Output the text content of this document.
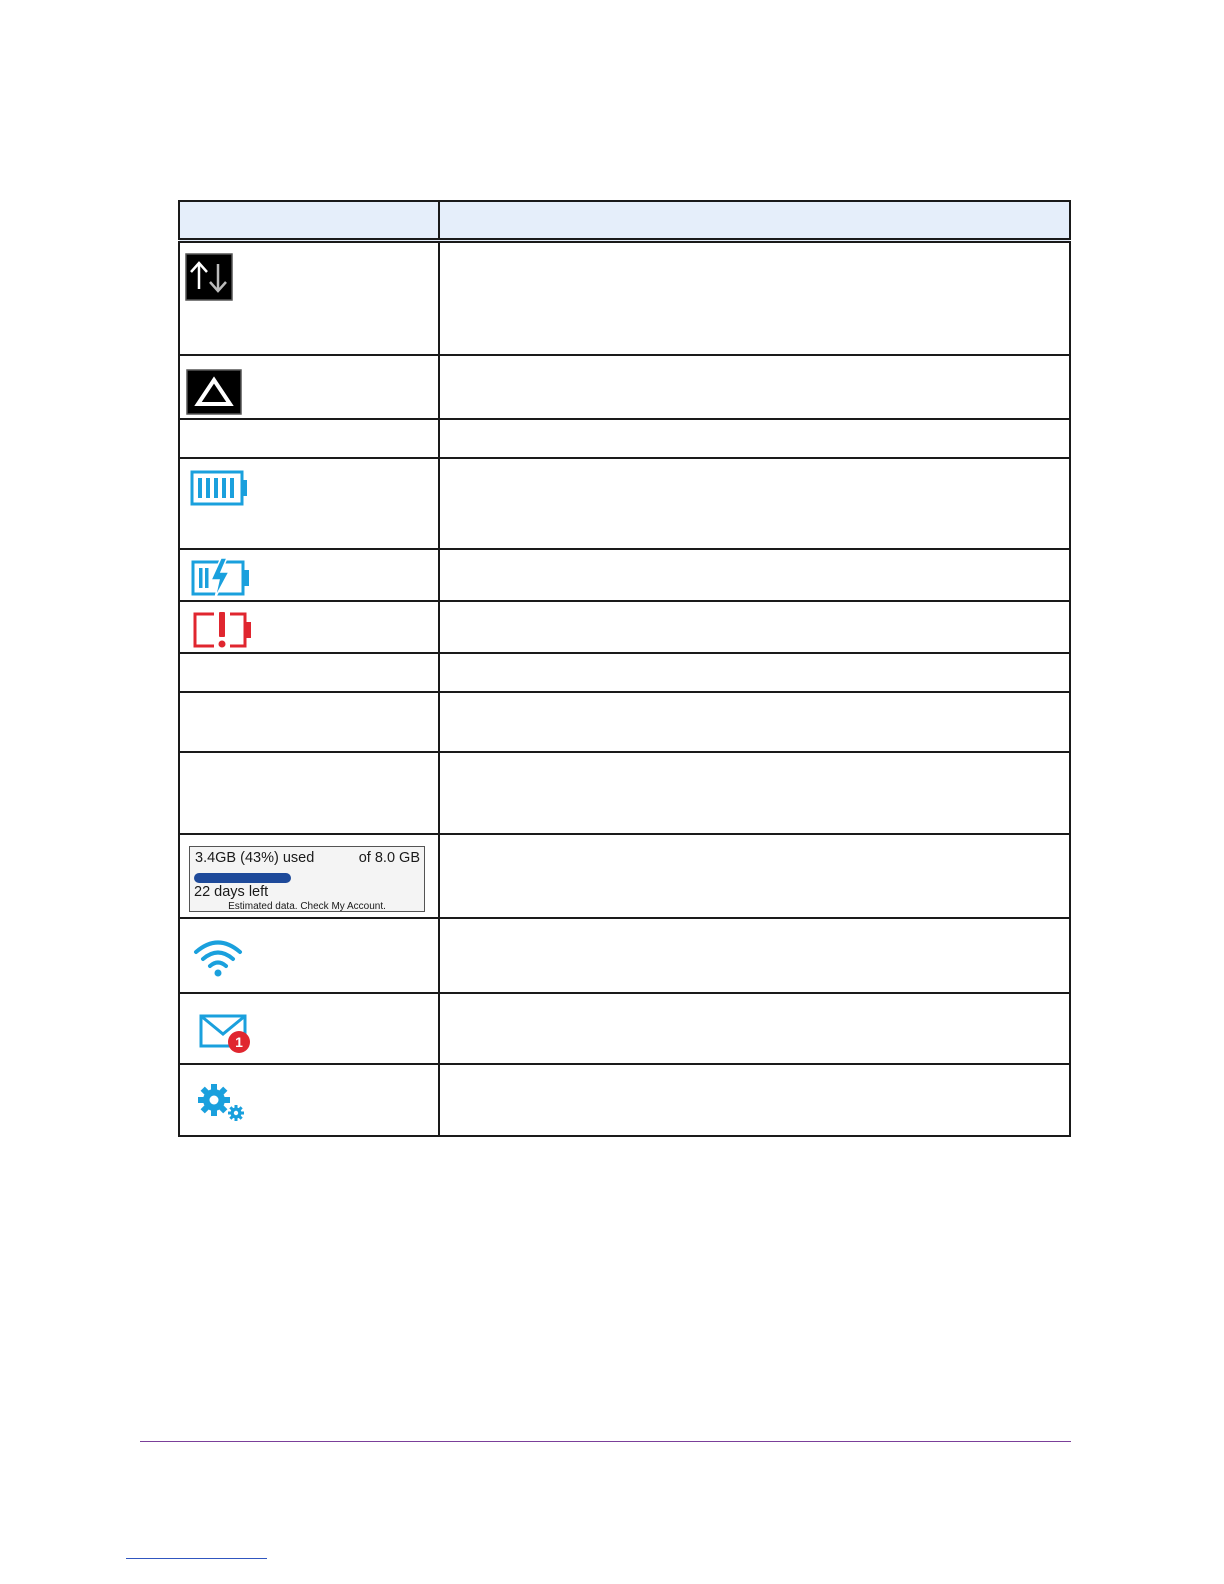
3.4GB (43%) used of 8.0 GB
22 days left
Estimated data. Check My Account.	

1	
